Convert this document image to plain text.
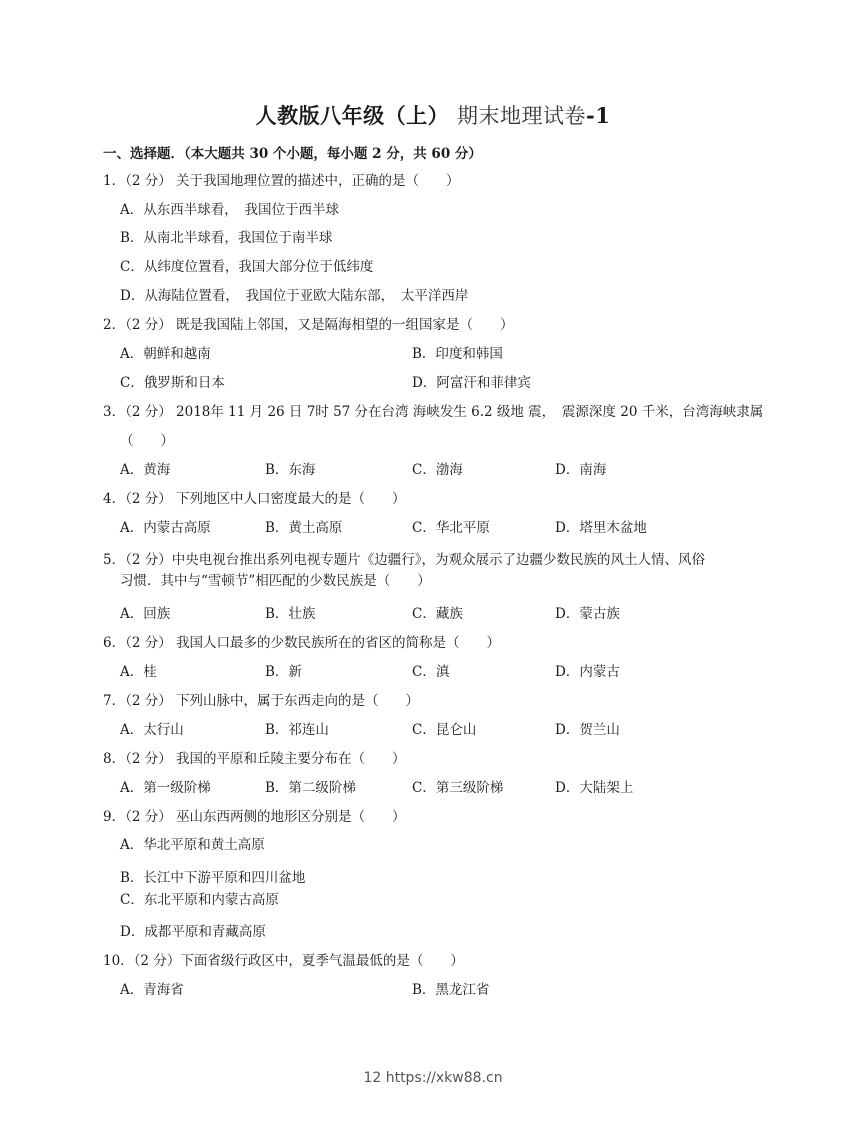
人教版八年级（上） 期末地理试卷-1
一、选择题．（本大题共 30 个小题，每小题 2 分，共 60 分）
1．（2 分） 关于我国地理位置的描述中，正确的是（　　）
A．从东西半球看，　我国位于西半球
B．从南北半球看，我国位于南半球
C．从纬度位置看，我国大部分位于低纬度
D．从海陆位置看，　我国位于亚欧大陆东部，　太平洋西岸
2．（2 分） 既是我国陆上邻国，又是隔海相望的一组国家是（　　）
A．朝鲜和越南	B．印度和韩国
C．俄罗斯和日本	D．阿富汗和菲律宾
3．（2 分） 2018年 11 月 26 日 7时 57 分在台湾 海峡发生 6.2 级地 震，　震源深度 20 千米，台湾海峡隶属
（　　）
A．黄海	B．东海	C．渤海	D．南海
4．（2 分） 下列地区中人口密度最大的是（　　）
A．内蒙古高原	B．黄土高原	C．华北平原	D．塔里木盆地
5．（2 分）中央电视台推出系列电视专题片《边疆行》，为观众展示了边疆少数民族的风土人情、风俗
习惯．其中与“雪顿节”相匹配的少数民族是（　　）
A．回族	B．壮族	C．藏族	D．蒙古族
6．（2 分） 我国人口最多的少数民族所在的省区的简称是（　　）
A．桂	B．新	C．滇	D．内蒙古
7．（2 分） 下列山脉中，属于东西走向的是（　　）
A．太行山	B．祁连山	C．昆仑山	D．贺兰山
8．（2 分） 我国的平原和丘陵主要分布在（　　）
A．第一级阶梯	B．第二级阶梯	C．第三级阶梯	D．大陆架上
9．（2 分） 巫山东西两侧的地形区分别是（　　）
A．华北平原和黄土高原
B．长江中下游平原和四川盆地
C．东北平原和内蒙古高原
D．成都平原和青藏高原
10．（2 分）下面省级行政区中，夏季气温最低的是（　　）
A．青海省	B．黑龙江省
12 https://xkw88.cn
